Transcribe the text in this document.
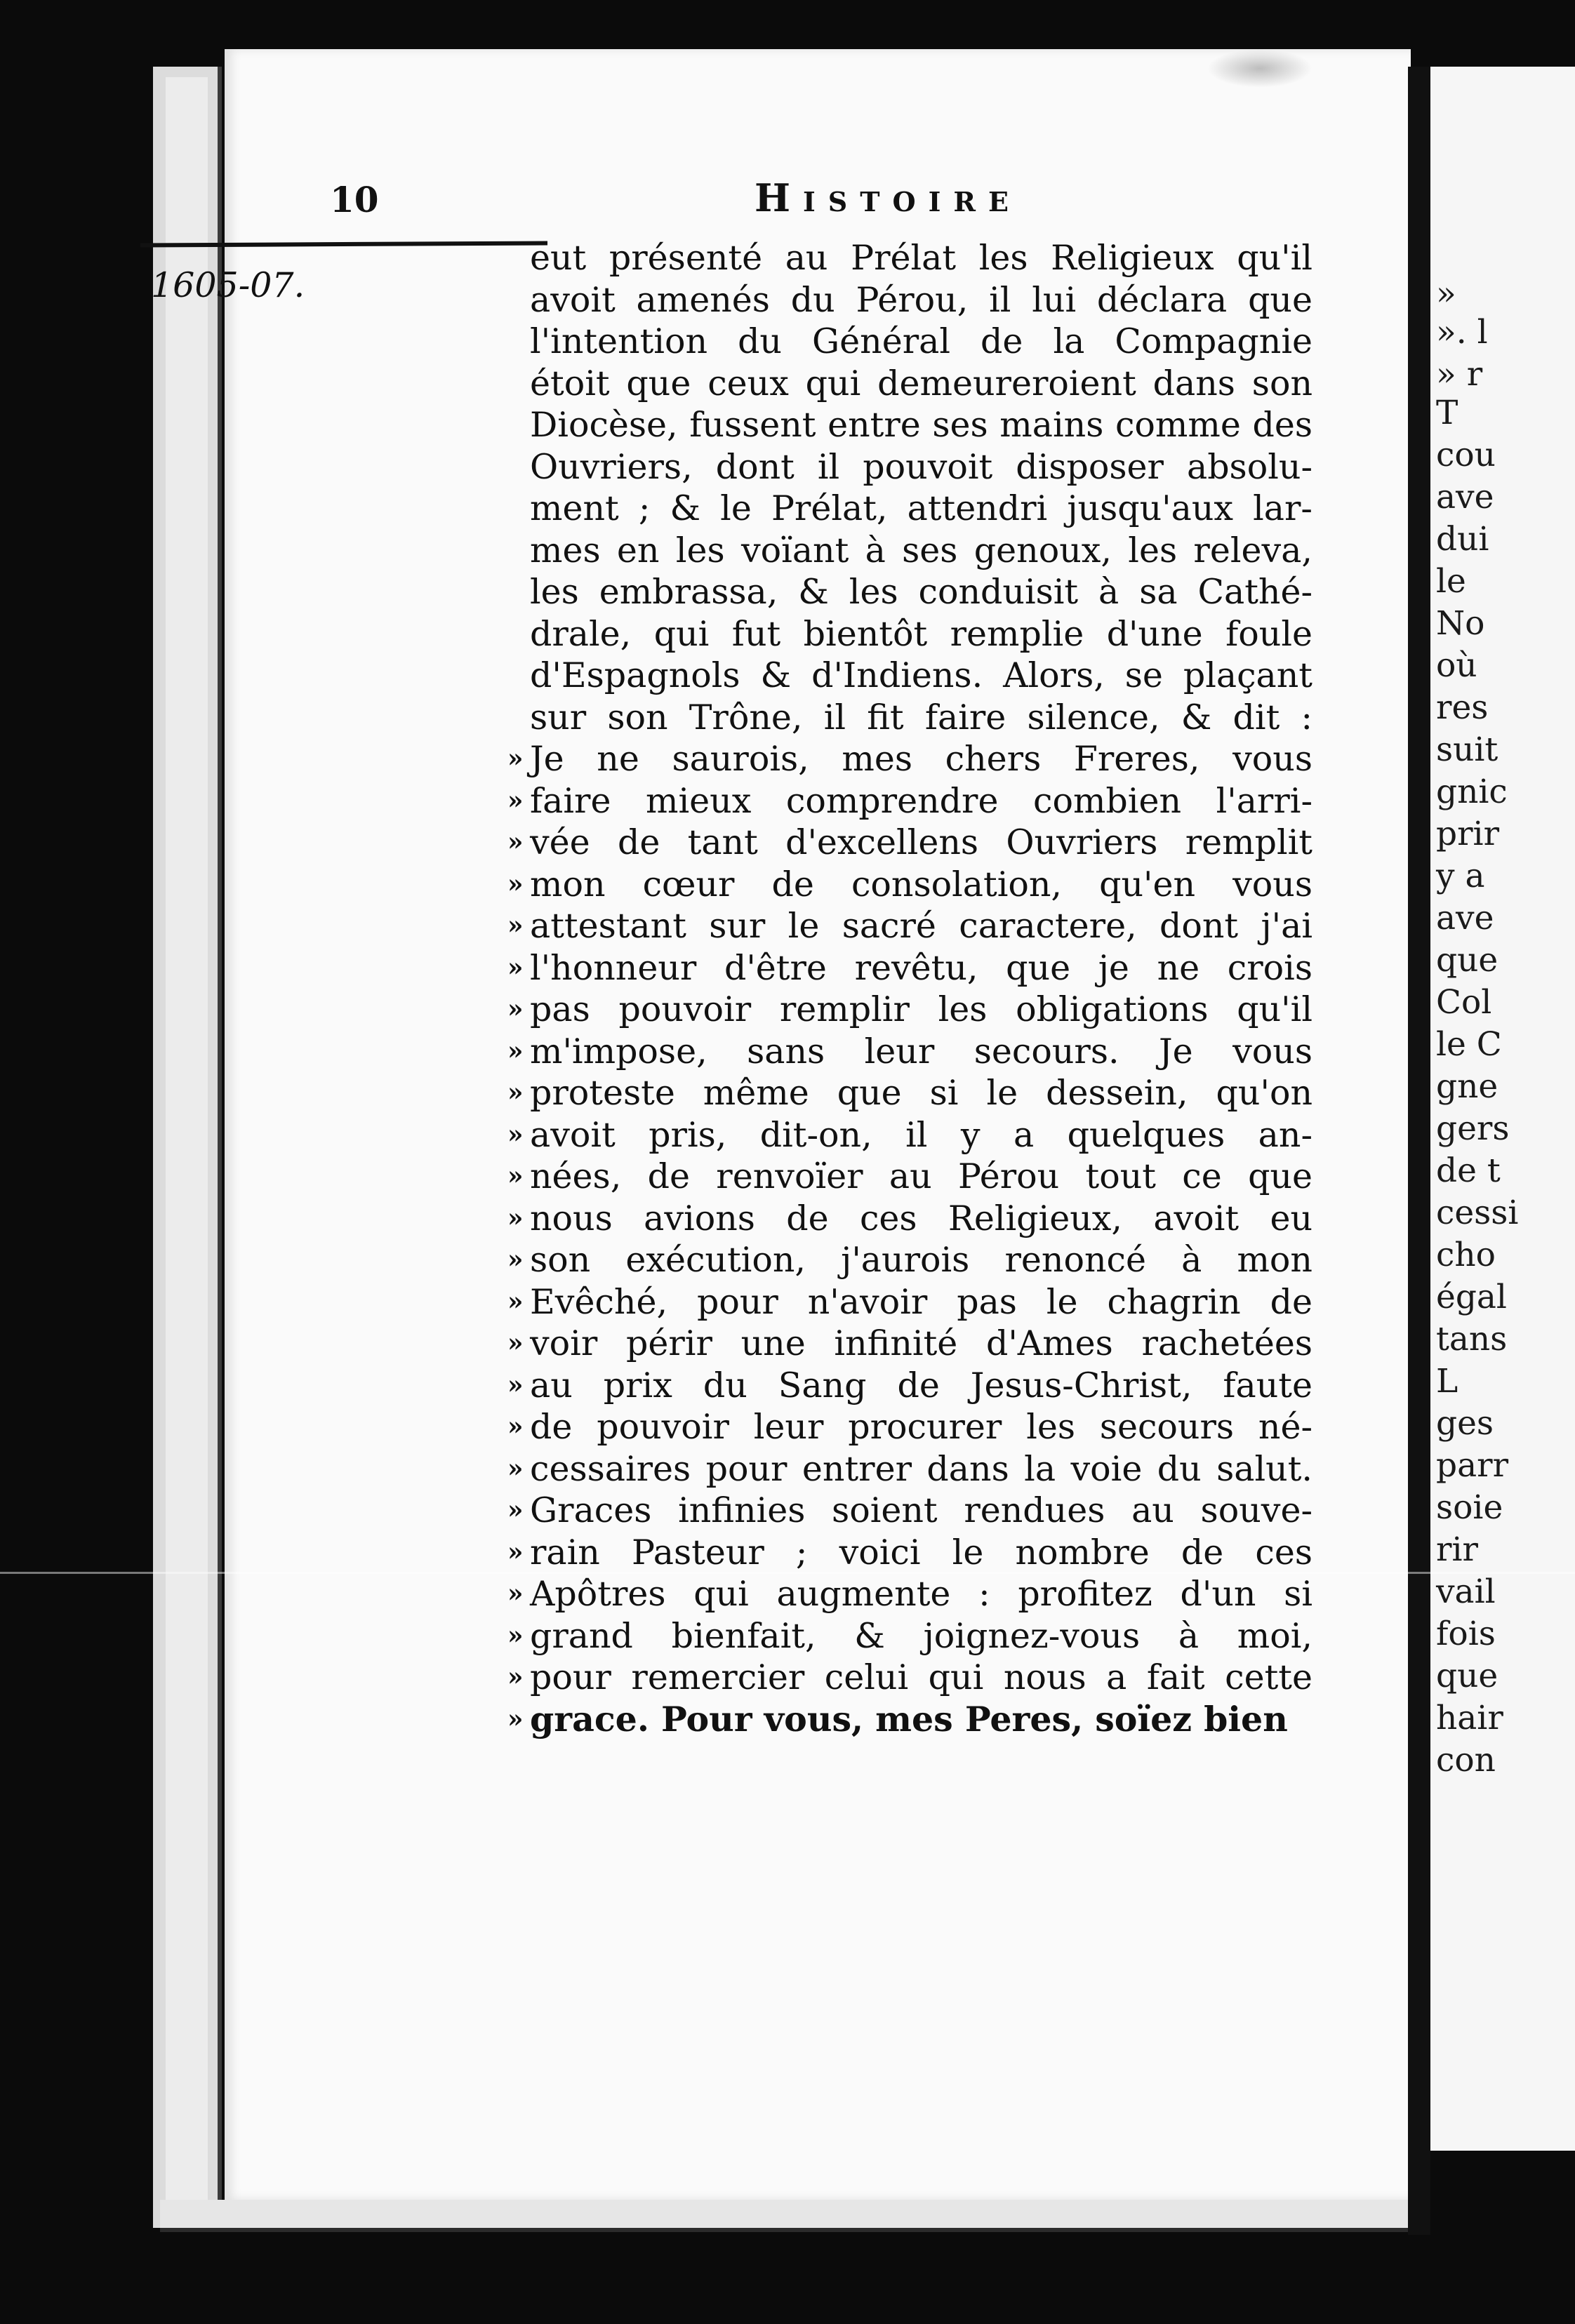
»
». l
» r
T
cou
ave
dui
le
No
où
res
suit
gnic
prir
y a
ave
que
Col
le C
gne
gers
de t
cessi
cho
égal
tans
L
ges
parr
soie
rir
vail
fois
que
hair
con
10	Histoire
1605-07.
eut présenté au Prélat les Religieux qu'il
avoit amenés du Pérou, il lui déclara que
l'intention du Général de la Compagnie
étoit que ceux qui demeureroient dans son
Diocèse, fussent entre ses mains comme des
Ouvriers, dont il pouvoit disposer absolu-
ment ; & le Prélat, attendri jusqu'aux lar-
mes en les voïant à ses genoux, les releva,
les embrassa, & les conduisit à sa Cathé-
drale, qui fut bientôt remplie d'une foule
d'Espagnols & d'Indiens. Alors, se plaçant
sur son Trône, il fit faire silence, & dit :
» Je ne saurois, mes chers Freres, vous
» faire mieux comprendre combien l'arri-
» vée de tant d'excellens Ouvriers remplit
» mon cœur de consolation, qu'en vous
» attestant sur le sacré caractere, dont j'ai
» l'honneur d'être revêtu, que je ne crois
» pas pouvoir remplir les obligations qu'il
» m'impose, sans leur secours. Je vous
» proteste même que si le dessein, qu'on
» avoit pris, dit-on, il y a quelques an-
» nées, de renvoïer au Pérou tout ce que
» nous avions de ces Religieux, avoit eu
» son exécution, j'aurois renoncé à mon
» Evêché, pour n'avoir pas le chagrin de
» voir périr une infinité d'Ames rachetées
» au prix du Sang de Jesus-Christ, faute
» de pouvoir leur procurer les secours né-
» cessaires pour entrer dans la voie du salut.
» Graces infinies soient rendues au souve-
» rain Pasteur ; voici le nombre de ces
» Apôtres qui augmente : profitez d'un si
» grand bienfait, & joignez-vous à moi,
» pour remercier celui qui nous a fait cette
» grace. Pour vous, mes Peres, soïez bien
